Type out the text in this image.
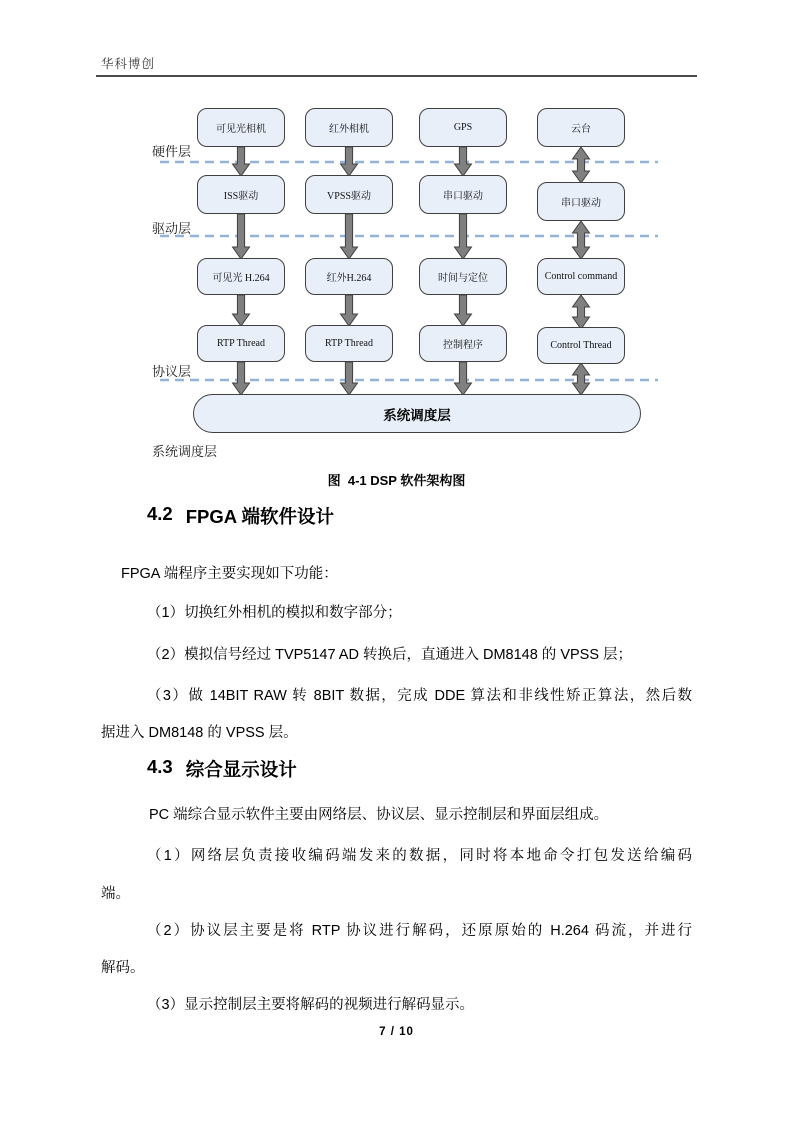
华科博创
可见光相机	红外相机	GPS	云台
ISS驱动	VPSS驱动	串口驱动
串口驱动
可见光 H.264	红外H.264	时间与定位	Control command
RTP Thread	RTP Thread	控制程序	Control Thread
硬件层
驱动层
协议层
系统调度层
系统调度层
图  4-1 DSP 软件架构图
4.2 FPGA 端软件设计
FPGA 端程序主要实现如下功能：
（1）切换红外相机的模拟和数字部分；
（2）模拟信号经过 TVP5147 AD 转换后，直通进入 DM8148 的 VPSS 层；
（3）做 14BIT RAW 转 8BIT 数据，完成 DDE 算法和非线性矫正算法，然后数
据进入 DM8148 的 VPSS 层。
4.3 综合显示设计
PC 端综合显示软件主要由网络层、协议层、显示控制层和界面层组成。
（1）网络层负责接收编码端发来的数据，同时将本地命令打包发送给编码
端。
（2）协议层主要是将 RTP 协议进行解码，还原原始的 H.264 码流，并进行
解码。
（3）显示控制层主要将解码的视频进行解码显示。
7 / 10
